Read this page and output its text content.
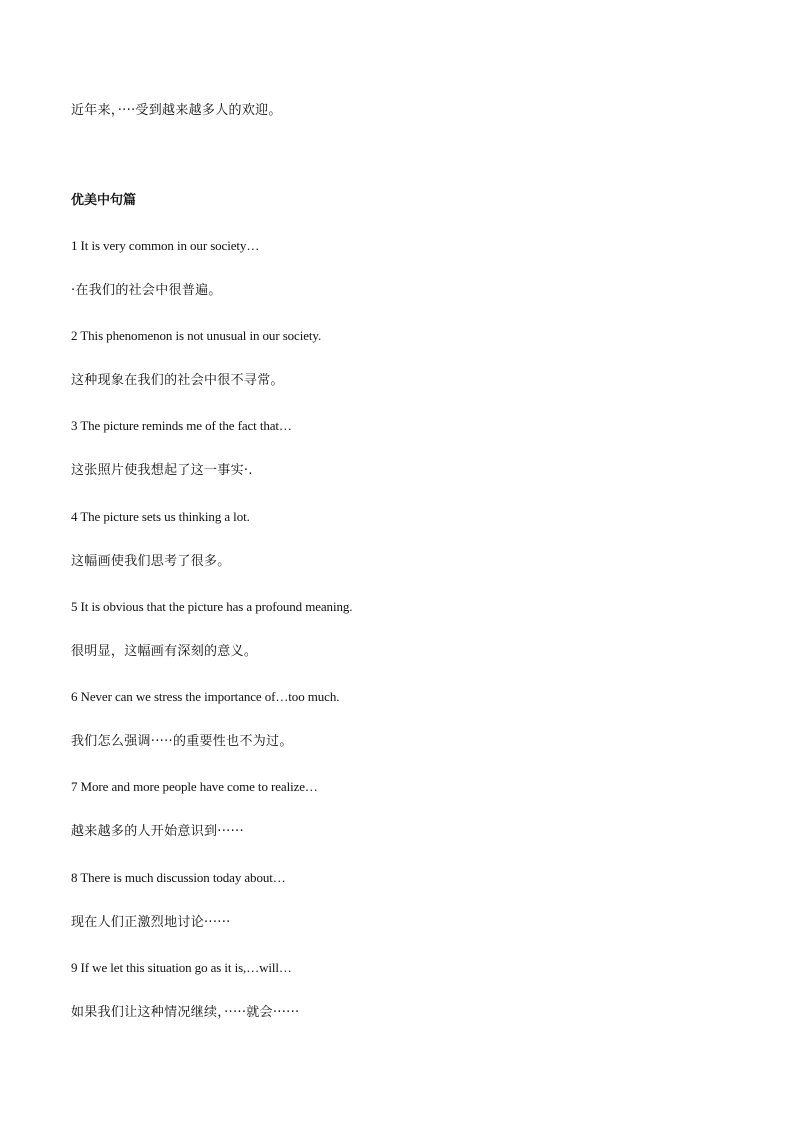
近年来，····受到越来越多人的欢迎。
优美中句篇
1 It is very common in our society…
·在我们的社会中很普遍。
2 This phenomenon is not unusual in our society.
这种现象在我们的社会中很不寻常。
3 The picture reminds me of the fact that…
这张照片使我想起了这一事实·.
4 The picture sets us thinking a lot.
这幅画使我们思考了很多。
5 It is obvious that the picture has a profound meaning.
很明显，这幅画有深刻的意义。
6 Never can we stress the importance of…too much.
我们怎么强调·····的重要性也不为过。
7 More and more people have come to realize…
越来越多的人开始意识到······
8 There is much discussion today about…
现在人们正激烈地讨论······
9 If we let this situation go as it is,…will…
如果我们让这种情况继续，·····就会······
